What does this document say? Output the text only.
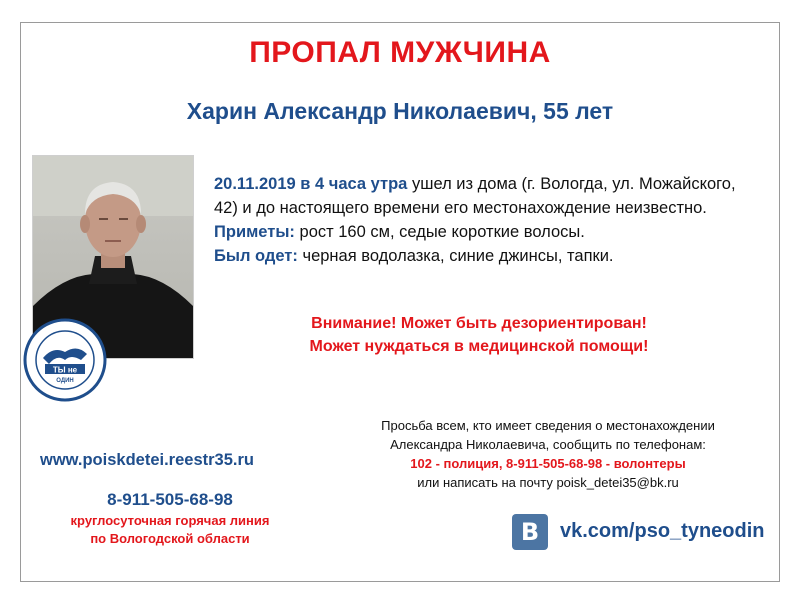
ПРОПАЛ МУЖЧИНА
Харин Александр Николаевич, 55 лет
ТЫ не
ОДИН
20.11.2019 в 4 часа утра ушел из дома (г. Вологда, ул. Можайского, 42) и до настоящего времени его местонахождение неизвестно.
Приметы: рост 160 см, седые короткие волосы.
Был одет: черная водолазка, синие джинсы, тапки.
Внимание! Может быть дезориентирован!
Может нуждаться в медицинской помощи!
Просьба всем, кто имеет сведения о местонахождении
Александра Николаевича, сообщить по телефонам:
102 - полиция, 8-911-505-68-98 - волонтеры
или написать на почту poisk_detei35@bk.ru
www.poiskdetei.reestr35.ru
8-911-505-68-98
круглосуточная горячая линия
по Вологодской области	B	vk.com/pso_tyneodin
